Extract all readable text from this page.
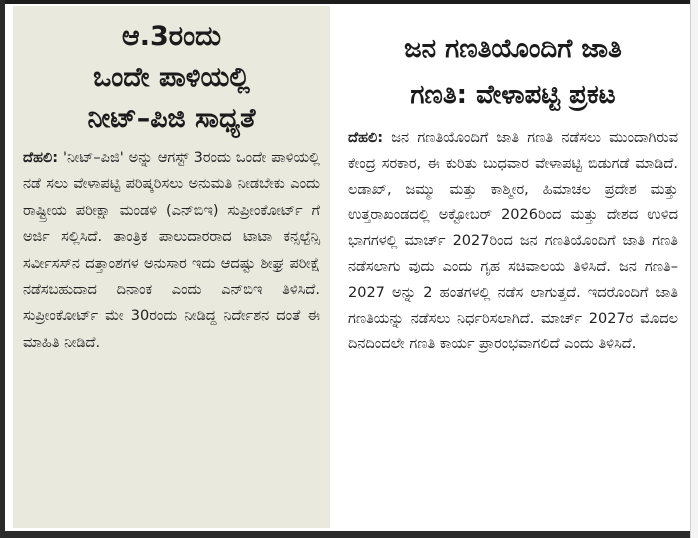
ಆ.3ರಂದು
ಒಂದೇ ಪಾಳಿಯಲ್ಲಿ
ನೀಟ್–ಪಿಜಿ ಸಾಧ್ಯತೆ

ದೆಹಲಿ: 'ನೀಟ್–ಪಿಜಿ' ಅನ್ನು ಆಗಸ್ಟ್ 3ರಂದು ಒಂದೇ ಪಾಳಿಯಲ್ಲಿ ನಡೆ ಸಲು ವೇಳಾಪಟ್ಟಿ ಪರಿಷ್ಕರಿಸಲು ಅನುಮತಿ ನೀಡಬೇಕು ಎಂದು ರಾಷ್ಟ್ರೀಯ ಪರೀಕ್ಷಾ ಮಂಡಳಿ (ಎನ್‌ಬಿಇ) ಸುಪ್ರೀಂಕೋರ್ಟ್ ಗೆ ಅರ್ಜಿ ಸಲ್ಲಿಸಿದೆ. ತಾಂತ್ರಿಕ ಪಾಲುದಾರರಾದ ಟಾಟಾ ಕನ್ಸಲ್ಟೆನ್ಸಿ ಸರ್ವೀಸಸ್‌ನ ದತ್ತಾಂಶಗಳ ಅನುಸಾರ ಇದು ಆದಷ್ಟು ಶೀಘ್ರ ಪರೀಕ್ಷೆ ನಡೆಸಬಹುದಾದ ದಿನಾಂಕ ಎಂದು ಎನ್‌ಬಿಇ ತಿಳಿಸಿದೆ. ಸುಪ್ರೀಂಕೋರ್ಟ್ ಮೇ 30ರಂದು ನೀಡಿದ್ದ ನಿರ್ದೇಶನ ದಂತೆ ಈ ಮಾಹಿತಿ ನೀಡಿದೆ.

ಜನ ಗಣತಿಯೊಂದಿಗೆ ಜಾತಿ
ಗಣತಿ: ವೇಳಾಪಟ್ಟಿ ಪ್ರಕಟ

ದೆಹಲಿ: ಜನ ಗಣತಿಯೊಂದಿಗೆ ಜಾತಿ ಗಣತಿ ನಡೆಸಲು ಮುಂದಾಗಿರುವ ಕೇಂದ್ರ ಸರಕಾರ, ಈ ಕುರಿತು ಬುಧವಾರ ವೇಳಾಪಟ್ಟಿ ಬಿಡುಗಡೆ ಮಾಡಿದೆ. ಲಡಾಖ್, ಜಮ್ಮು ಮತ್ತು ಕಾಶ್ಮೀರ, ಹಿಮಾಚಲ ಪ್ರದೇಶ ಮತ್ತು ಉತ್ತರಾಖಂಡದಲ್ಲಿ ಅಕ್ಟೋಬರ್ 2026ರಿಂದ ಮತ್ತು ದೇಶದ ಉಳಿದ ಭಾಗಗಳಲ್ಲಿ ಮಾರ್ಚ್ 2027ರಿಂದ ಜನ ಗಣತಿಯೊಂದಿಗೆ ಜಾತಿ ಗಣತಿ ನಡೆಸಲಾಗು ವುದು ಎಂದು ಗೃಹ ಸಚಿವಾಲಯ ತಿಳಿಸಿದೆ. ಜನ ಗಣತಿ–2027 ಅನ್ನು 2 ಹಂತಗಳಲ್ಲಿ ನಡೆಸ ಲಾಗುತ್ತದೆ. ಇದರೊಂದಿಗೆ ಜಾತಿ ಗಣತಿಯನ್ನು ನಡೆಸಲು ನಿರ್ಧರಿಸಲಾಗಿದೆ. ಮಾರ್ಚ್ 2027ರ ಮೊದಲ ದಿನದಿಂದಲೇ ಗಣತಿ ಕಾರ್ಯ ಪ್ರಾರಂಭವಾಗಲಿದೆ ಎಂದು ತಿಳಿಸಿದೆ.
